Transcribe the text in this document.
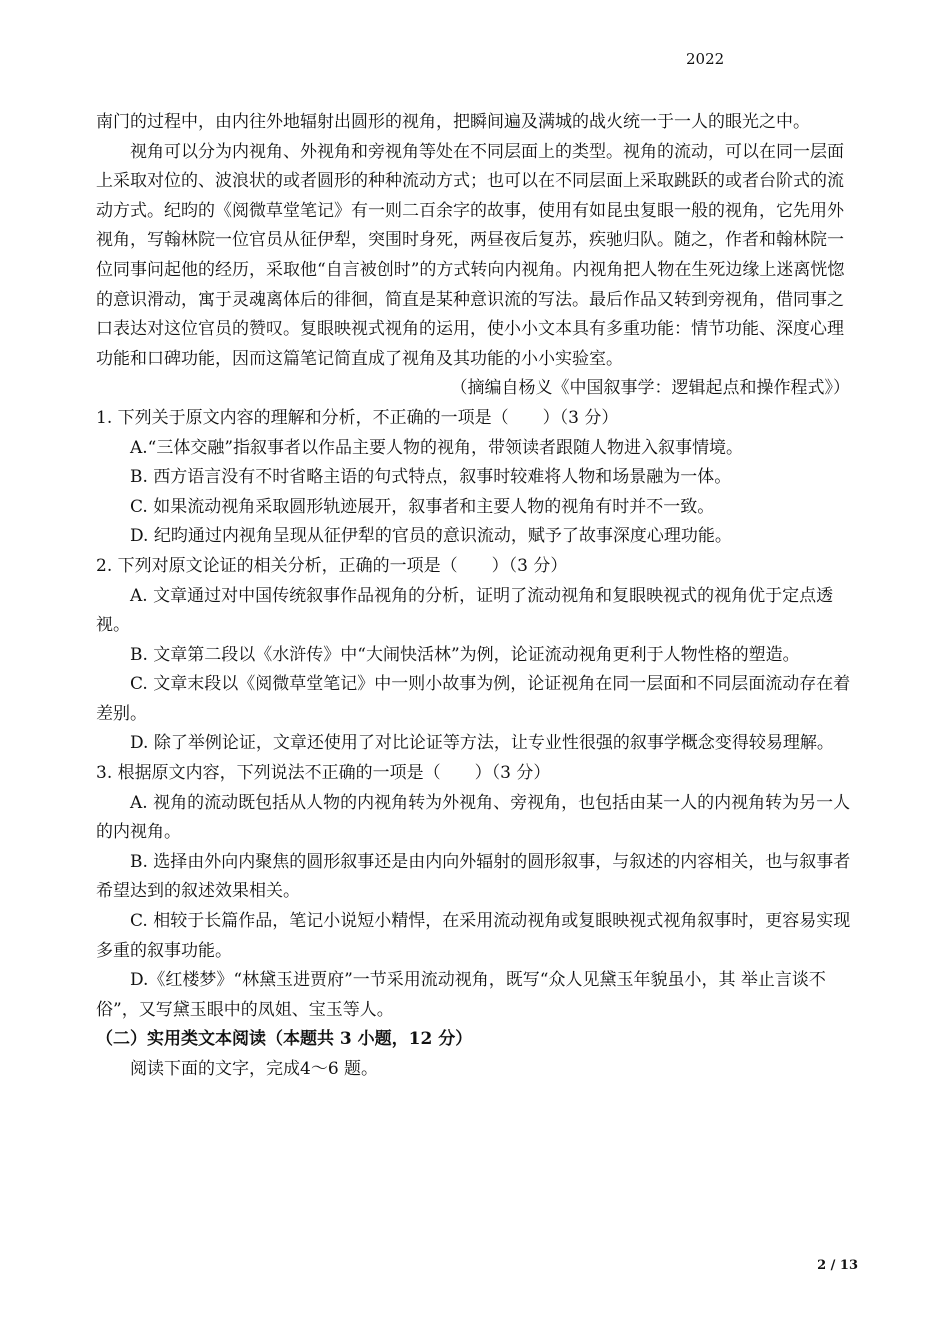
2022

南门的过程中，由内往外地辐射出圆形的视角，把瞬间遍及满城的战火统一于一人的眼光之中。

视角可以分为内视角、外视角和旁视角等处在不同层面上的类型。视角的流动，可以在同一层面上采取对位的、波浪状的或者圆形的种种流动方式；也可以在不同层面上采取跳跃的或者台阶式的流动方式。纪昀的《阅微草堂笔记》有一则二百余字的故事，使用有如昆虫复眼一般的视角，它先用外视角，写翰林院一位官员从征伊犁，突围时身死，两昼夜后复苏，疾驰归队。随之，作者和翰林院一位同事问起他的经历，采取他“自言被创时”的方式转向内视角。内视角把人物在生死边缘上迷离恍惚的意识滑动，寓于灵魂离体后的徘徊，简直是某种意识流的写法。最后作品又转到旁视角，借同事之口表达对这位官员的赞叹。复眼映视式视角的运用，使小小文本具有多重功能：情节功能、深度心理功能和口碑功能，因而这篇笔记简直成了视角及其功能的小小实验室。

（摘编自杨义《中国叙事学：逻辑起点和操作程式》）

1. 下列关于原文内容的理解和分析，不正确的一项是（　　）（3 分）

A.“三体交融”指叙事者以作品主要人物的视角，带领读者跟随人物进入叙事情境。

B. 西方语言没有不时省略主语的句式特点，叙事时较难将人物和场景融为一体。

C. 如果流动视角采取圆形轨迹展开，叙事者和主要人物的视角有时并不一致。

D. 纪昀通过内视角呈现从征伊犁的官员的意识流动，赋予了故事深度心理功能。

2. 下列对原文论证的相关分析，正确的一项是（　　）（3 分）

A. 文章通过对中国传统叙事作品视角的分析，证明了流动视角和复眼映视式的视角优于定点透视。

B. 文章第二段以《水浒传》中“大闹快活林”为例，论证流动视角更利于人物性格的塑造。

C. 文章末段以《阅微草堂笔记》中一则小故事为例，论证视角在同一层面和不同层面流动存在着差别。

D. 除了举例论证，文章还使用了对比论证等方法，让专业性很强的叙事学概念变得较易理解。

3. 根据原文内容，下列说法不正确的一项是（　　）（3 分）

A. 视角的流动既包括从人物的内视角转为外视角、旁视角，也包括由某一人的内视角转为另一人的内视角。

B. 选择由外向内聚焦的圆形叙事还是由内向外辐射的圆形叙事，与叙述的内容相关，也与叙事者希望达到的叙述效果相关。

C. 相较于长篇作品，笔记小说短小精悍，在采用流动视角或复眼映视式视角叙事时，更容易实现多重的叙事功能。

D.《红楼梦》“林黛玉进贾府”一节采用流动视角，既写“众人见黛玉年貌虽小，其 举止言谈不俗”，又写黛玉眼中的凤姐、宝玉等人。

（二）实用类文本阅读（本题共 3 小题，12 分）

阅读下面的文字，完成4～6 题。

2 / 13
